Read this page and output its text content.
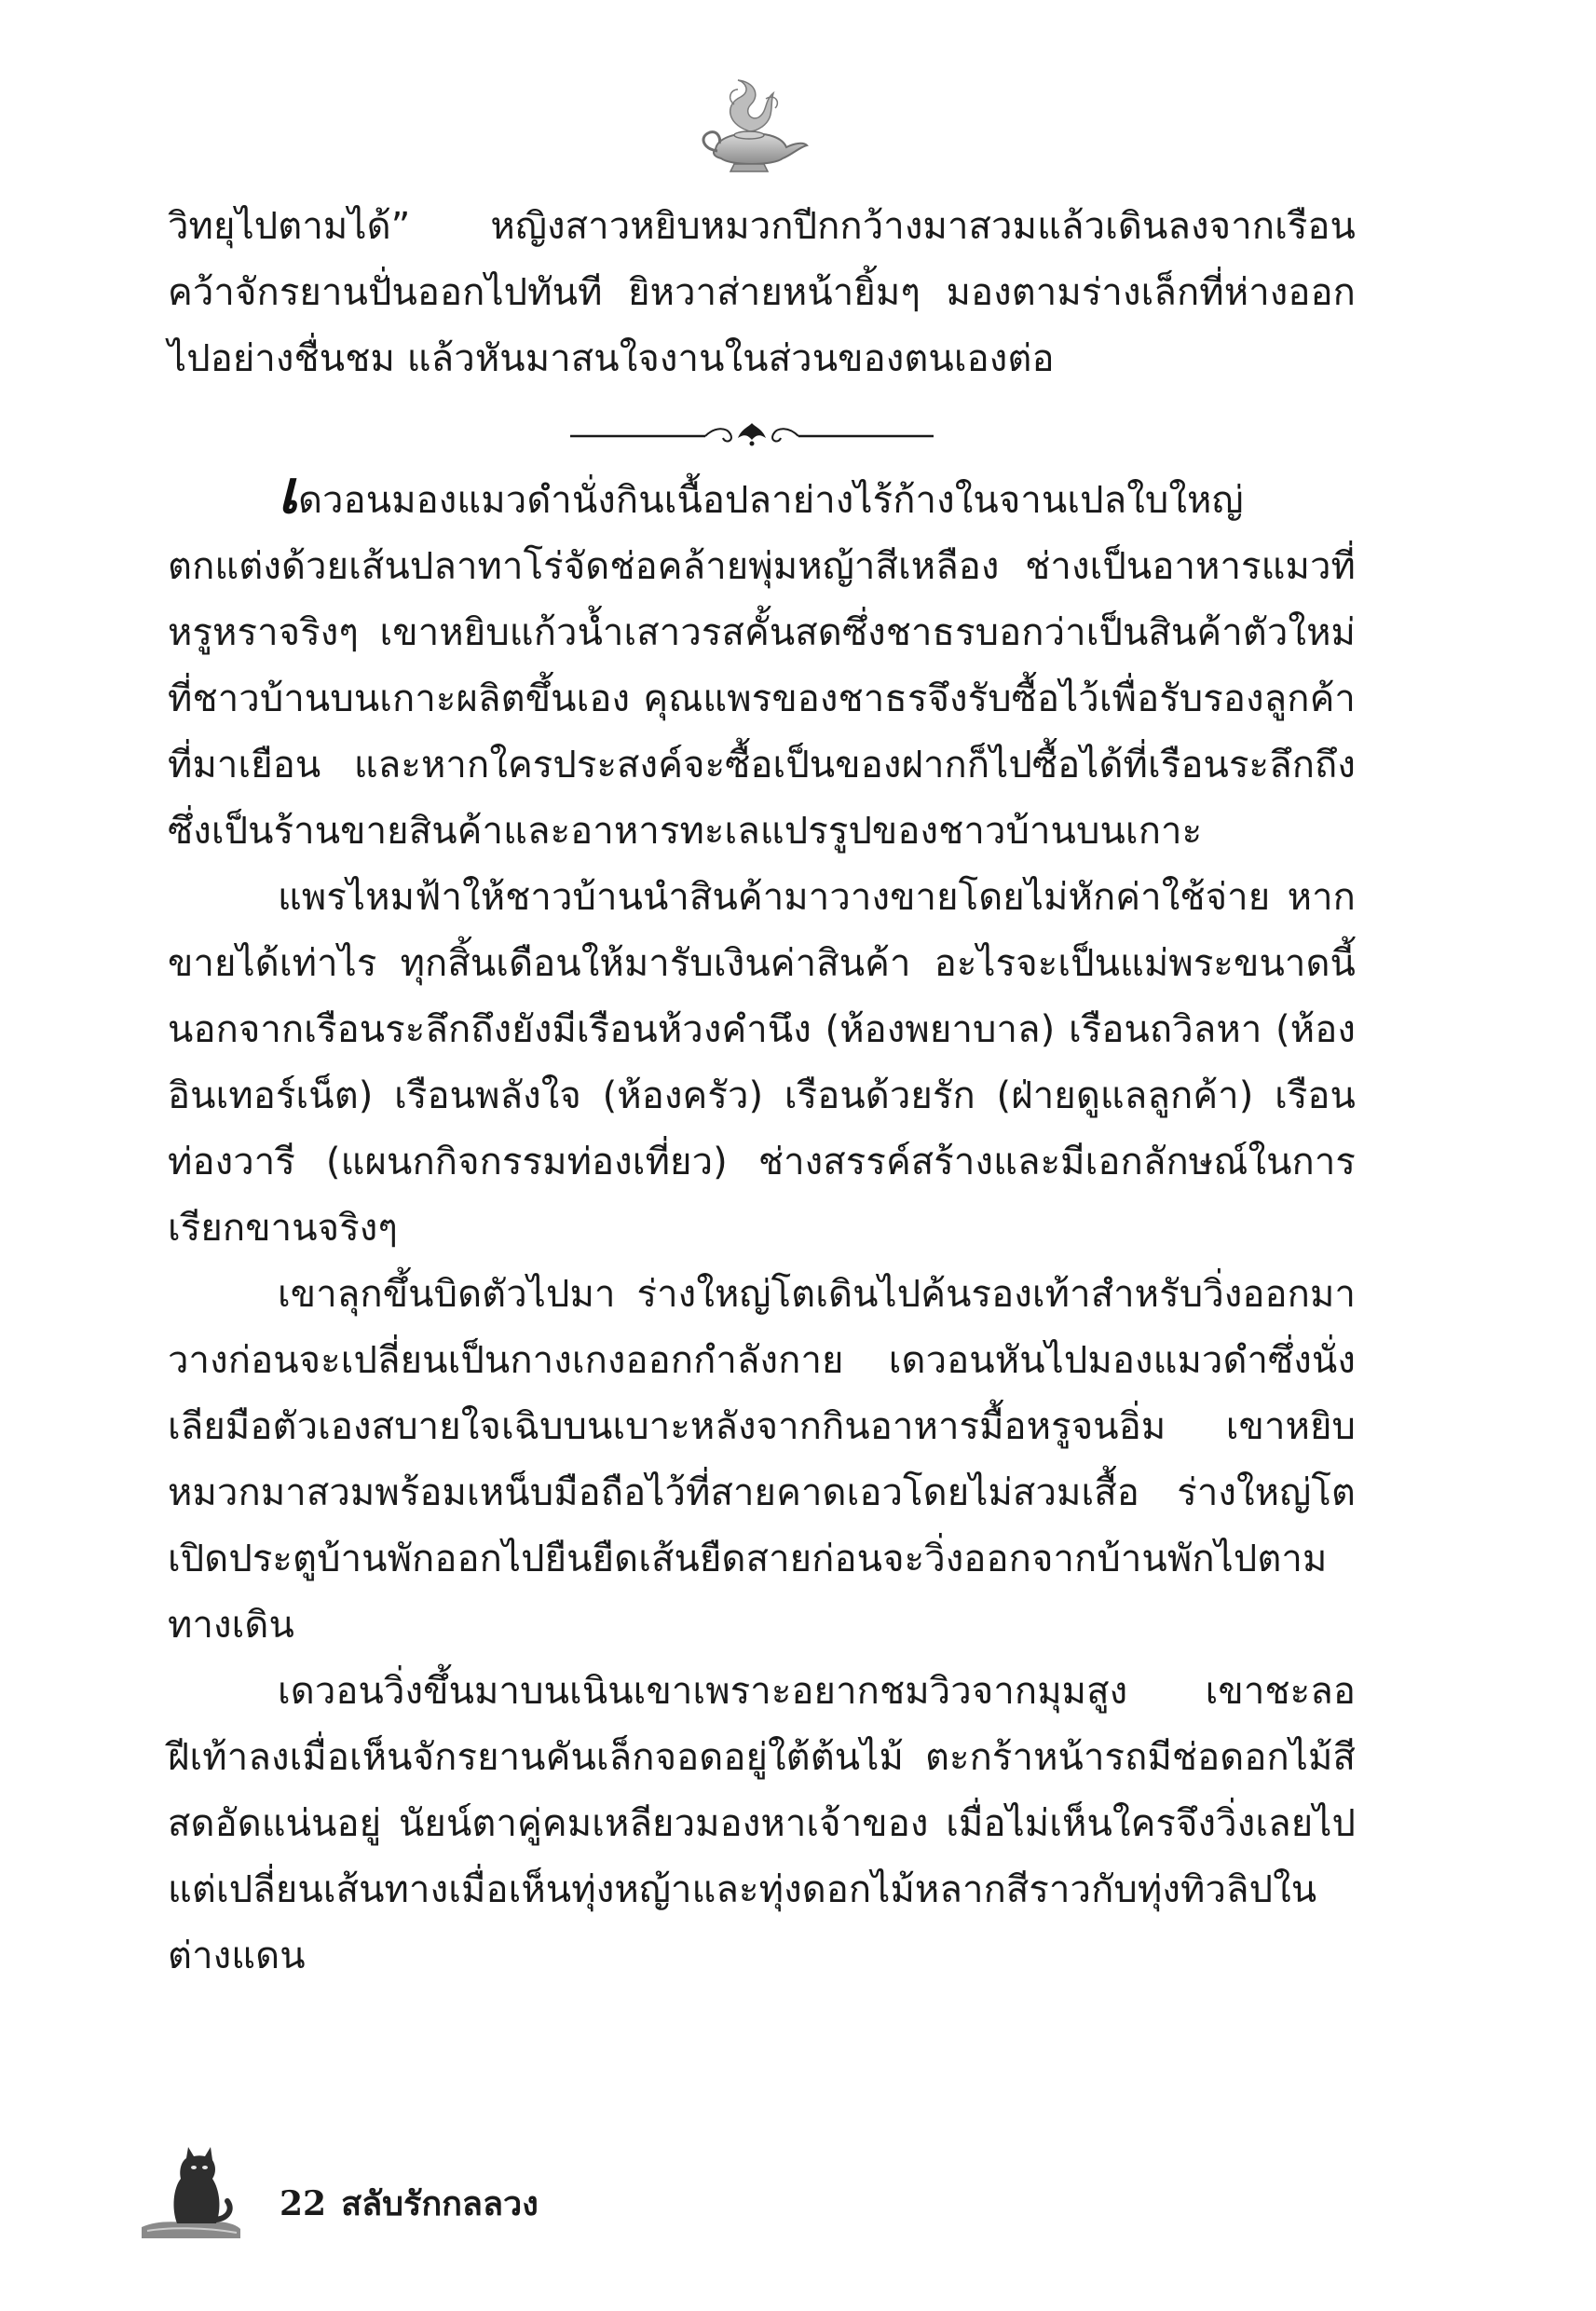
วิทยุไปตามได้” หญิงสาวหยิบหมวกปีกกว้างมาสวมแล้วเดินลงจากเรือน คว้าจักรยานปั่นออกไปทันที ยิหวาส่ายหน้ายิ้มๆ มองตามร่างเล็กที่ห่างออกไปอย่างชื่นชม แล้วหันมาสนใจงานในส่วนของตนเองต่อ

เดวอนมองแมวดำนั่งกินเนื้อปลาย่างไร้ก้างในจานเปลใบใหญ่ ตกแต่งด้วยเส้นปลาทาโร่จัดช่อคล้ายพุ่มหญ้าสีเหลือง ช่างเป็นอาหารแมวที่หรูหราจริงๆ เขาหยิบแก้วน้ำเสาวรสคั้นสดซึ่งชาธรบอกว่าเป็นสินค้าตัวใหม่ที่ชาวบ้านบนเกาะผลิตขึ้นเอง คุณแพรของชาธรจึงรับซื้อไว้เพื่อรับรองลูกค้าที่มาเยือน และหากใครประสงค์จะซื้อเป็นของฝากก็ไปซื้อได้ที่เรือนระลึกถึง ซึ่งเป็นร้านขายสินค้าและอาหารทะเลแปรรูปของชาวบ้านบนเกาะ

แพรไหมฟ้าให้ชาวบ้านนำสินค้ามาวางขายโดยไม่หักค่าใช้จ่าย หากขายได้เท่าไร ทุกสิ้นเดือนให้มารับเงินค่าสินค้า อะไรจะเป็นแม่พระขนาดนี้ นอกจากเรือนระลึกถึงยังมีเรือนห้วงคำนึง (ห้องพยาบาล) เรือนถวิลหา (ห้องอินเทอร์เน็ต) เรือนพลังใจ (ห้องครัว) เรือนด้วยรัก (ฝ่ายดูแลลูกค้า) เรือนท่องวารี (แผนกกิจกรรมท่องเที่ยว) ช่างสรรค์สร้างและมีเอกลักษณ์ในการเรียกขานจริงๆ

เขาลุกขึ้นบิดตัวไปมา ร่างใหญ่โตเดินไปค้นรองเท้าสำหรับวิ่งออกมาวางก่อนจะเปลี่ยนเป็นกางเกงออกกำลังกาย เดวอนหันไปมองแมวดำซึ่งนั่งเลียมือตัวเองสบายใจเฉิบบนเบาะหลังจากกินอาหารมื้อหรูจนอิ่ม เขาหยิบหมวกมาสวมพร้อมเหน็บมือถือไว้ที่สายคาดเอวโดยไม่สวมเสื้อ ร่างใหญ่โตเปิดประตูบ้านพักออกไปยืนยืดเส้นยืดสายก่อนจะวิ่งออกจากบ้านพักไปตามทางเดิน

เดวอนวิ่งขึ้นมาบนเนินเขาเพราะอยากชมวิวจากมุมสูง เขาชะลอฝีเท้าลงเมื่อเห็นจักรยานคันเล็กจอดอยู่ใต้ต้นไม้ ตะกร้าหน้ารถมีช่อดอกไม้สีสดอัดแน่นอยู่ นัยน์ตาคู่คมเหลียวมองหาเจ้าของ เมื่อไม่เห็นใครจึงวิ่งเลยไป แต่เปลี่ยนเส้นทางเมื่อเห็นทุ่งหญ้าและทุ่งดอกไม้หลากสีราวกับทุ่งทิวลิปในต่างแดน

22 สลับรักกลลวง
